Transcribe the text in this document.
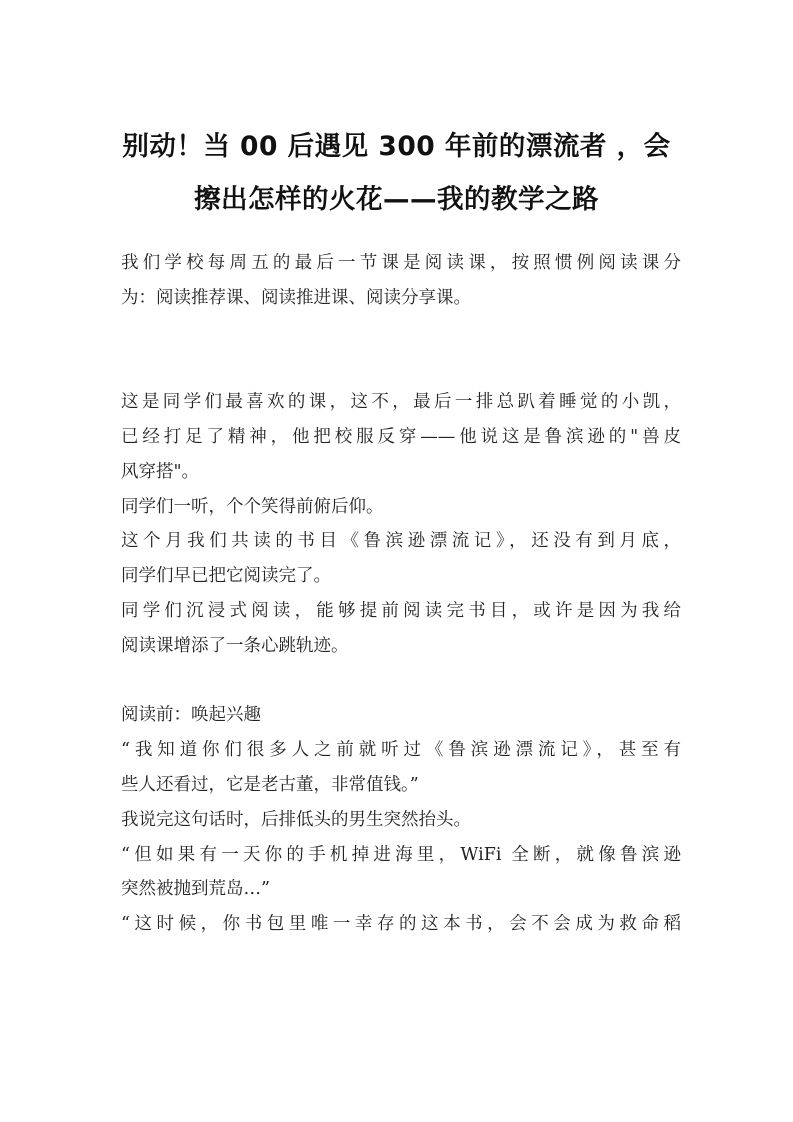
别动！当 00 后遇见 300 年前的漂流者 ，会
擦出怎样的火花——我的教学之路
我们学校每周五的最后一节课是阅读课，按照惯例阅读课分
为：阅读推荐课、阅读推进课、阅读分享课。
这是同学们最喜欢的课，这不，最后一排总趴着睡觉的小凯，
已经打足了精神，他把校服反穿——他说这是鲁滨逊的"兽皮
风穿搭"。
同学们一听，个个笑得前俯后仰。
这个月我们共读的书目《鲁滨逊漂流记》，还没有到月底，
同学们早已把它阅读完了。
同学们沉浸式阅读，能够提前阅读完书目，或许是因为我给
阅读课增添了一条心跳轨迹。
阅读前：唤起兴趣
“我知道你们很多人之前就听过《鲁滨逊漂流记》，甚至有
些人还看过，它是老古董，非常值钱。”
我说完这句话时，后排低头的男生突然抬头。
“但如果有一天你的手机掉进海里，WiFi 全断，就像鲁滨逊
突然被抛到荒岛…”
“这时候，你书包里唯一幸存的这本书，会不会成为救命稻
